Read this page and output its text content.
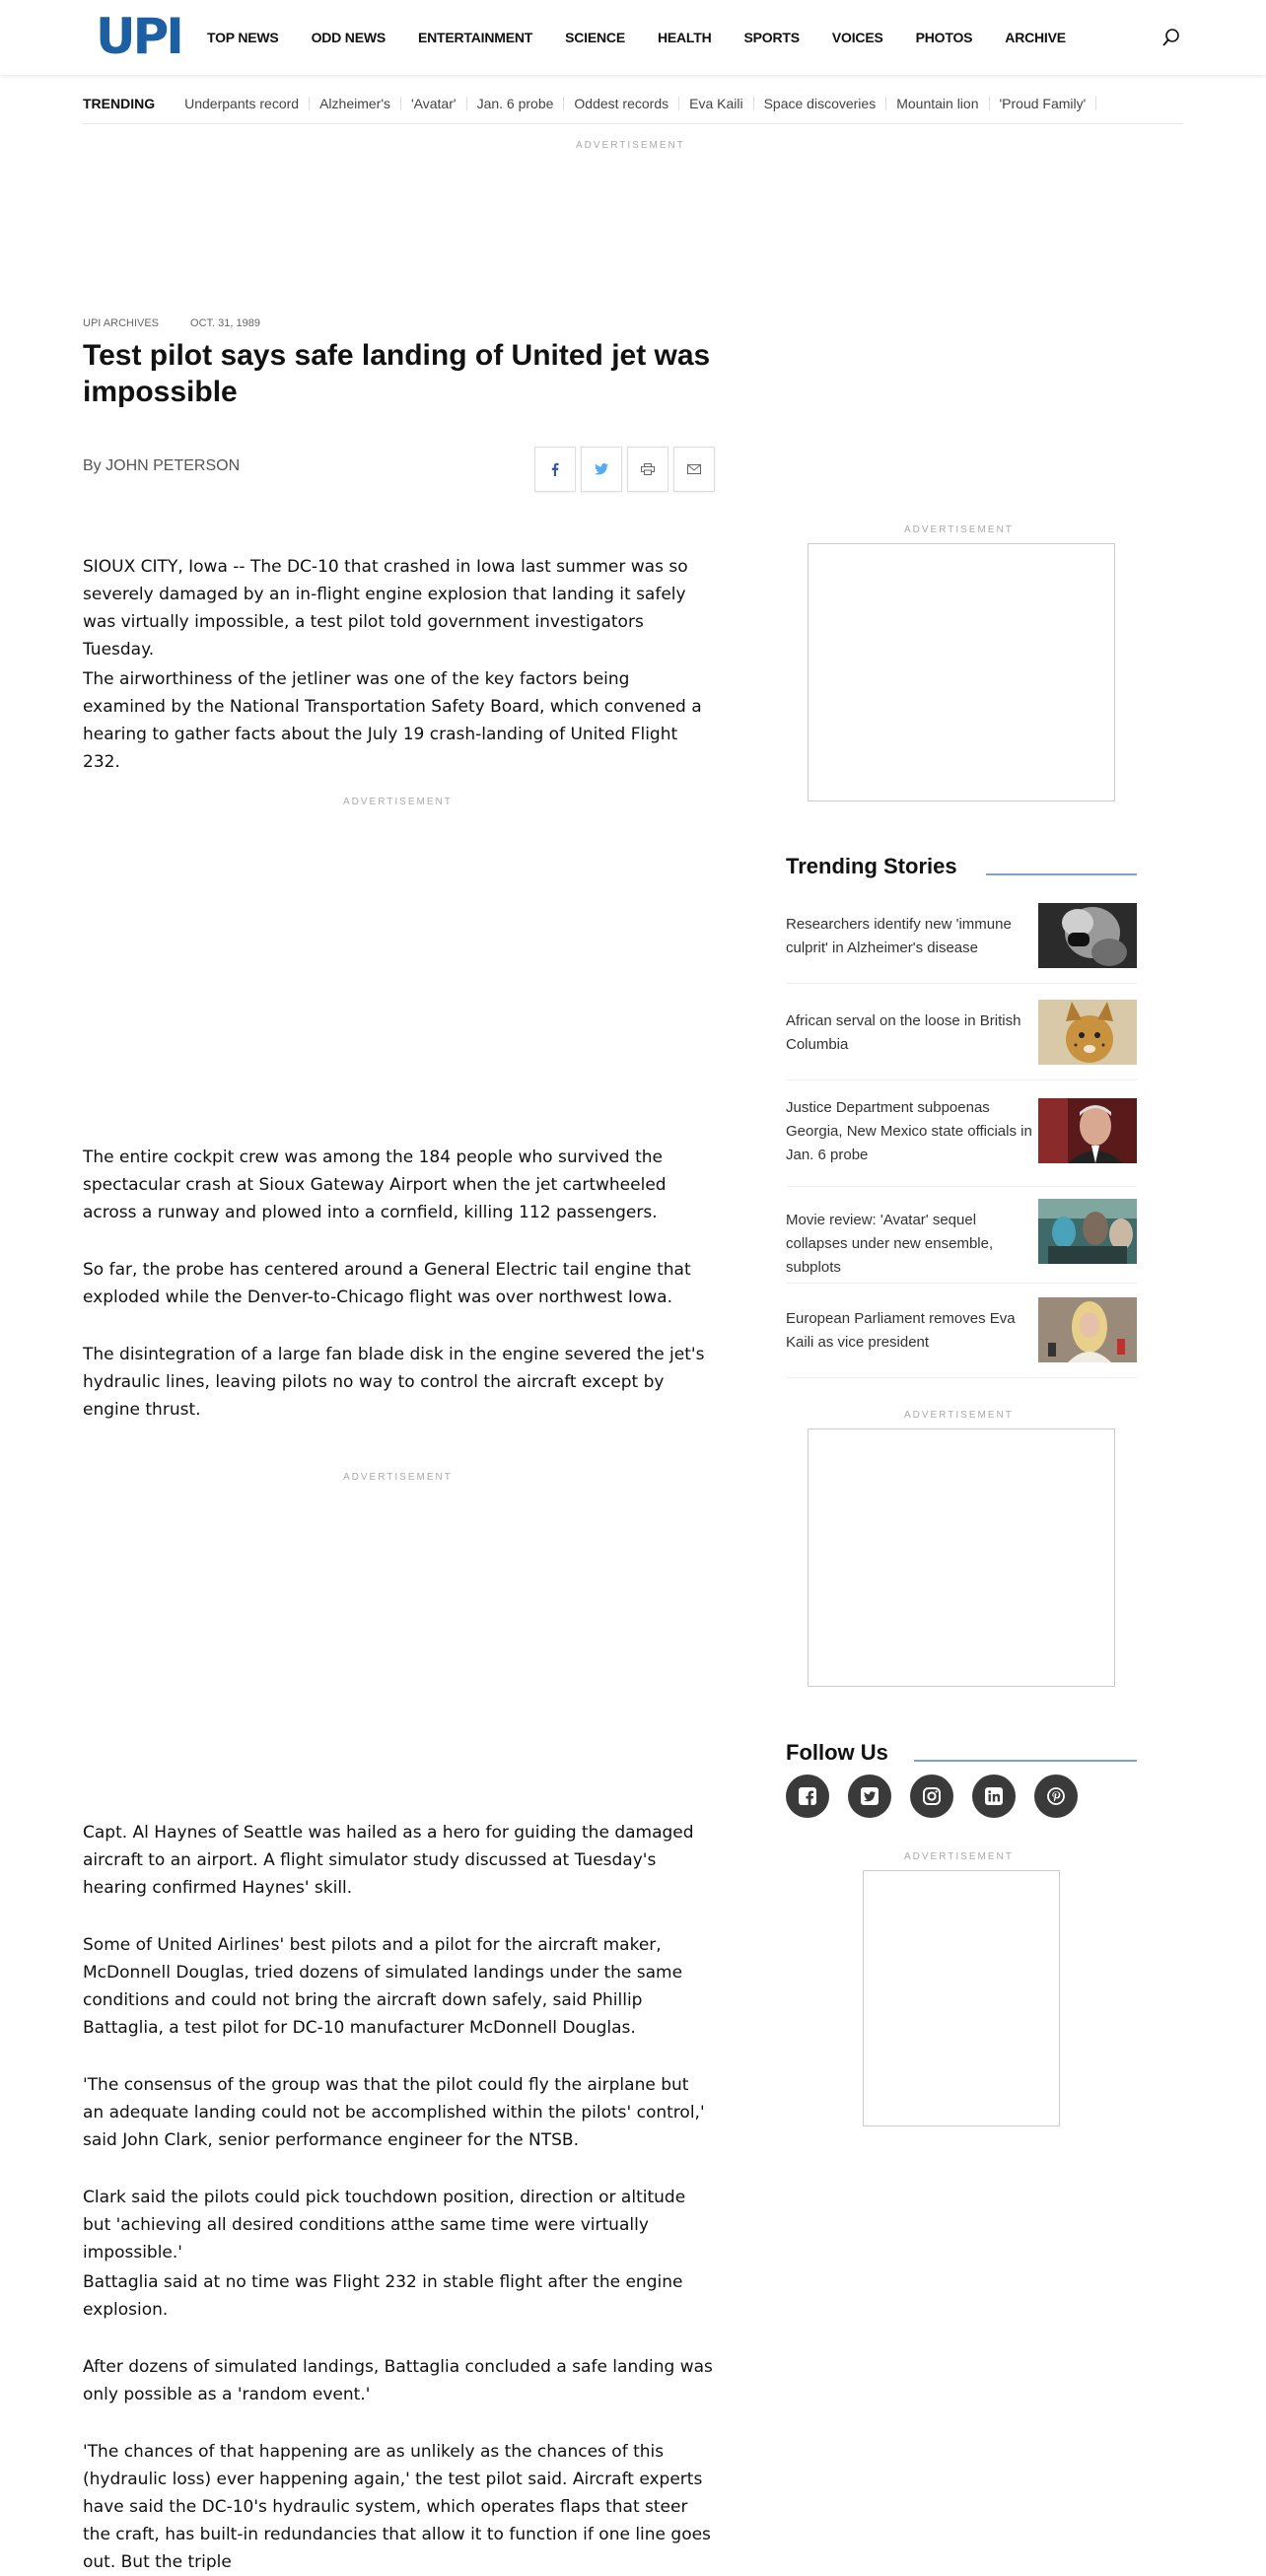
UPI TOP NEWS ODD NEWS ENTERTAINMENT SCIENCE HEALTH SPORTS VOICES PHOTOS ARCHIVE
TRENDING	Underpants record	Alzheimer's	'Avatar'	Jan. 6 probe	Oddest records	Eva Kaili	Space discoveries	Mountain lion	'Proud Family'
ADVERTISEMENT
UPI ARCHIVES	OCT. 31, 1989
Test pilot says safe landing of United jet was impossible
By JOHN PETERSON

SIOUX CITY, Iowa -- The DC-10 that crashed in Iowa last summer was so severely damaged by an in-flight engine explosion that landing it safely was virtually impossible, a test pilot told government investigators Tuesday.

The airworthiness of the jetliner was one of the key factors being examined by the National Transportation Safety Board, which convened a hearing to gather facts about the July 19 crash-landing of United Flight 232.

ADVERTISEMENT

The entire cockpit crew was among the 184 people who survived the spectacular crash at Sioux Gateway Airport when the jet cartwheeled across a runway and plowed into a cornfield, killing 112 passengers.

So far, the probe has centered around a General Electric tail engine that exploded while the Denver-to-Chicago flight was over northwest Iowa.

The disintegration of a large fan blade disk in the engine severed the jet's hydraulic lines, leaving pilots no way to control the aircraft except by engine thrust.

ADVERTISEMENT

Capt. Al Haynes of Seattle was hailed as a hero for guiding the damaged aircraft to an airport. A flight simulator study discussed at Tuesday's hearing confirmed Haynes' skill.

Some of United Airlines' best pilots and a pilot for the aircraft maker, McDonnell Douglas, tried dozens of simulated landings under the same conditions and could not bring the aircraft down safely, said Phillip Battaglia, a test pilot for DC-10 manufacturer McDonnell Douglas.

'The consensus of the group was that the pilot could fly the airplane but an adequate landing could not be accomplished within the pilots' control,' said John Clark, senior performance engineer for the NTSB.

Clark said the pilots could pick touchdown position, direction or altitude but 'achieving all desired conditions atthe same time were virtually impossible.'

Battaglia said at no time was Flight 232 in stable flight after the engine explosion.

After dozens of simulated landings, Battaglia concluded a safe landing was only possible as a 'random event.'

'The chances of that happening are as unlikely as the chances of this (hydraulic loss) ever happening again,' the test pilot said. Aircraft experts have said the DC-10's hydraulic system, which operates flaps that steer the craft, has built-in redundancies that allow it to function if one line goes out. But the triple

ADVERTISEMENT
Trending Stories
Researchers identify new 'immune culprit' in Alzheimer's disease
African serval on the loose in British Columbia
Justice Department subpoenas Georgia, New Mexico state officials in Jan. 6 probe
Movie review: 'Avatar' sequel collapses under new ensemble, subplots
European Parliament removes Eva Kaili as vice president
ADVERTISEMENT
Follow Us
ADVERTISEMENT
